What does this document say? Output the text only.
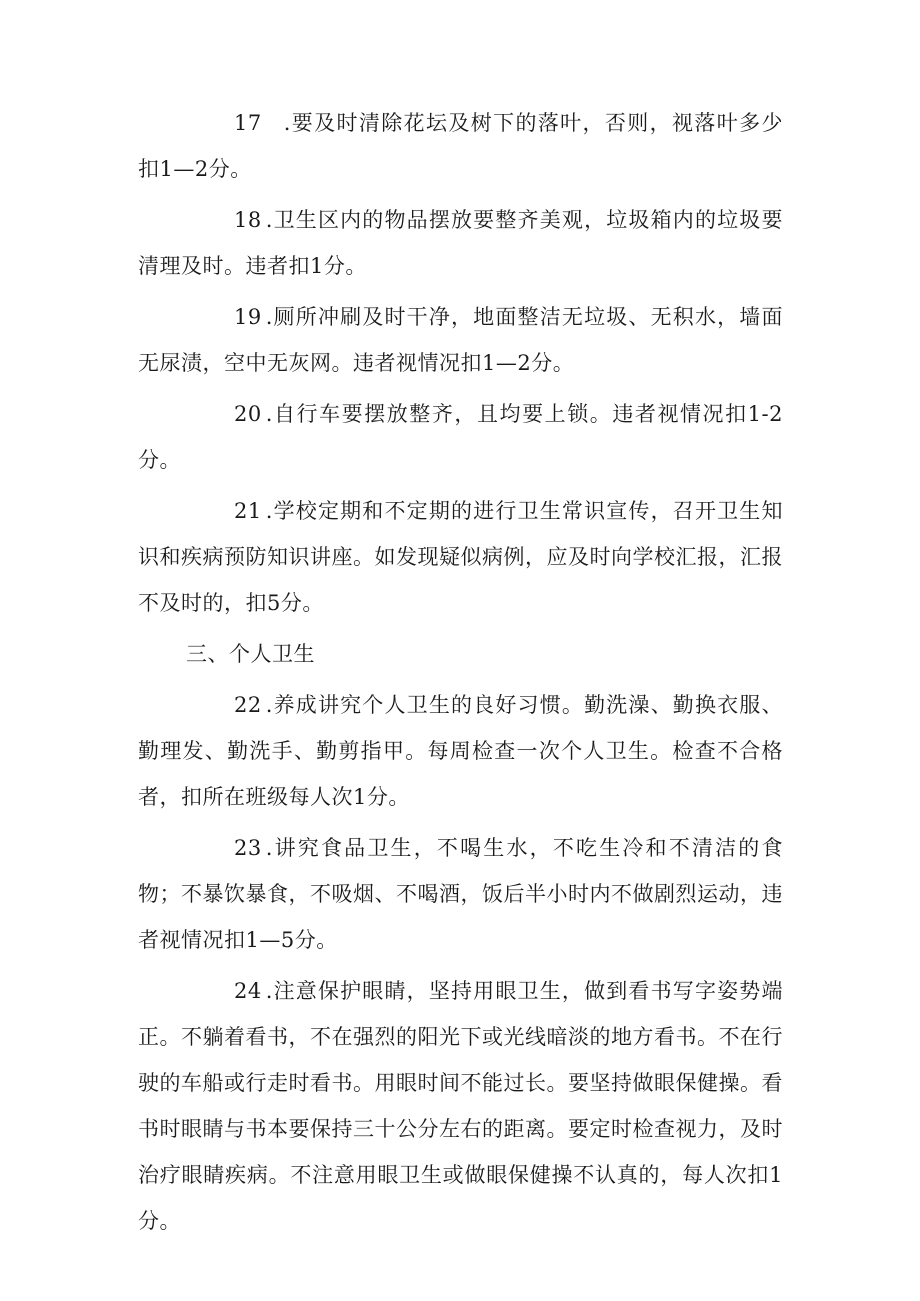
17 .要及时清除花坛及树下的落叶，否则，视落叶多少扣1—2分。

18 .卫生区内的物品摆放要整齐美观，垃圾箱内的垃圾要清理及时。违者扣1分。

19 .厕所冲刷及时干净，地面整洁无垃圾、无积水，墙面无尿渍，空中无灰网。违者视情况扣1—2分。

20 .自行车要摆放整齐，且均要上锁。违者视情况扣1-2分。

21 .学校定期和不定期的进行卫生常识宣传，召开卫生知识和疾病预防知识讲座。如发现疑似病例，应及时向学校汇报，汇报不及时的，扣5分。

三、个人卫生

22 .养成讲究个人卫生的良好习惯。勤洗澡、勤换衣服、勤理发、勤洗手、勤剪指甲。每周检查一次个人卫生。检查不合格者，扣所在班级每人次1分。

23 .讲究食品卫生，不喝生水，不吃生冷和不清洁的食物；不暴饮暴食，不吸烟、不喝酒，饭后半小时内不做剧烈运动，违者视情况扣1—5分。

24 .注意保护眼睛，坚持用眼卫生，做到看书写字姿势端正。不躺着看书，不在强烈的阳光下或光线暗淡的地方看书。不在行驶的车船或行走时看书。用眼时间不能过长。要坚持做眼保健操。看书时眼睛与书本要保持三十公分左右的距离。要定时检查视力，及时治疗眼睛疾病。不注意用眼卫生或做眼保健操不认真的，每人次扣1分。
